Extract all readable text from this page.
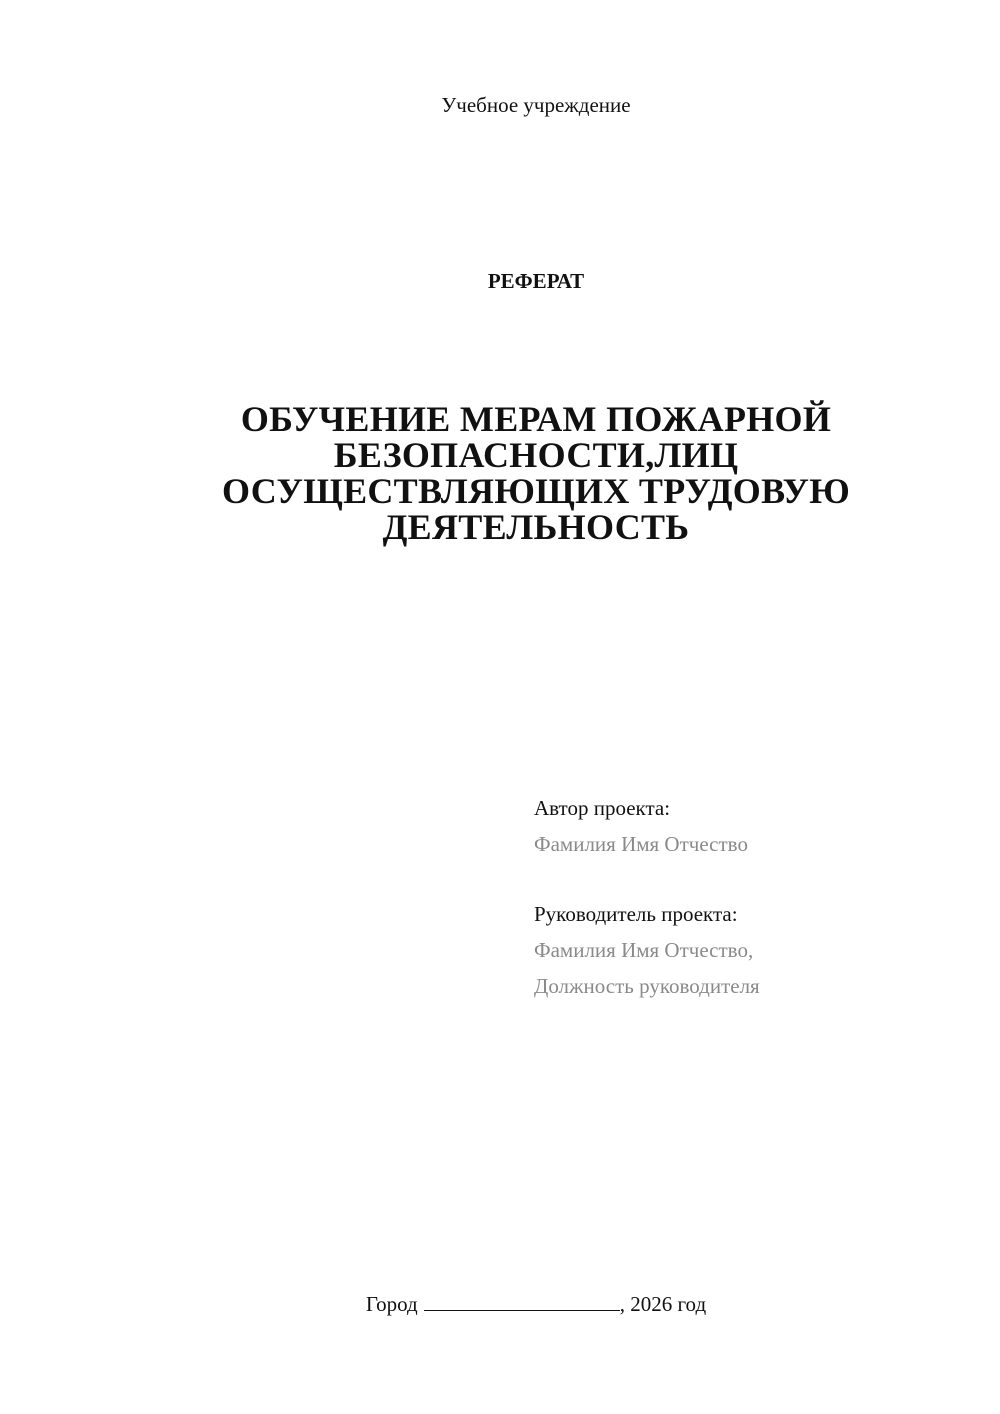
Учебное учреждение
РЕФЕРАТ
ОБУЧЕНИЕ МЕРАМ ПОЖАРНОЙ
БЕЗОПАСНОСТИ,ЛИЦ
ОСУЩЕСТВЛЯЮЩИХ ТРУДОВУЮ
ДЕЯТЕЛЬНОСТЬ
Автор проекта:
Фамилия Имя Отчество
Руководитель проекта:
Фамилия Имя Отчество,
Должность руководителя
Город	, 2026 год
